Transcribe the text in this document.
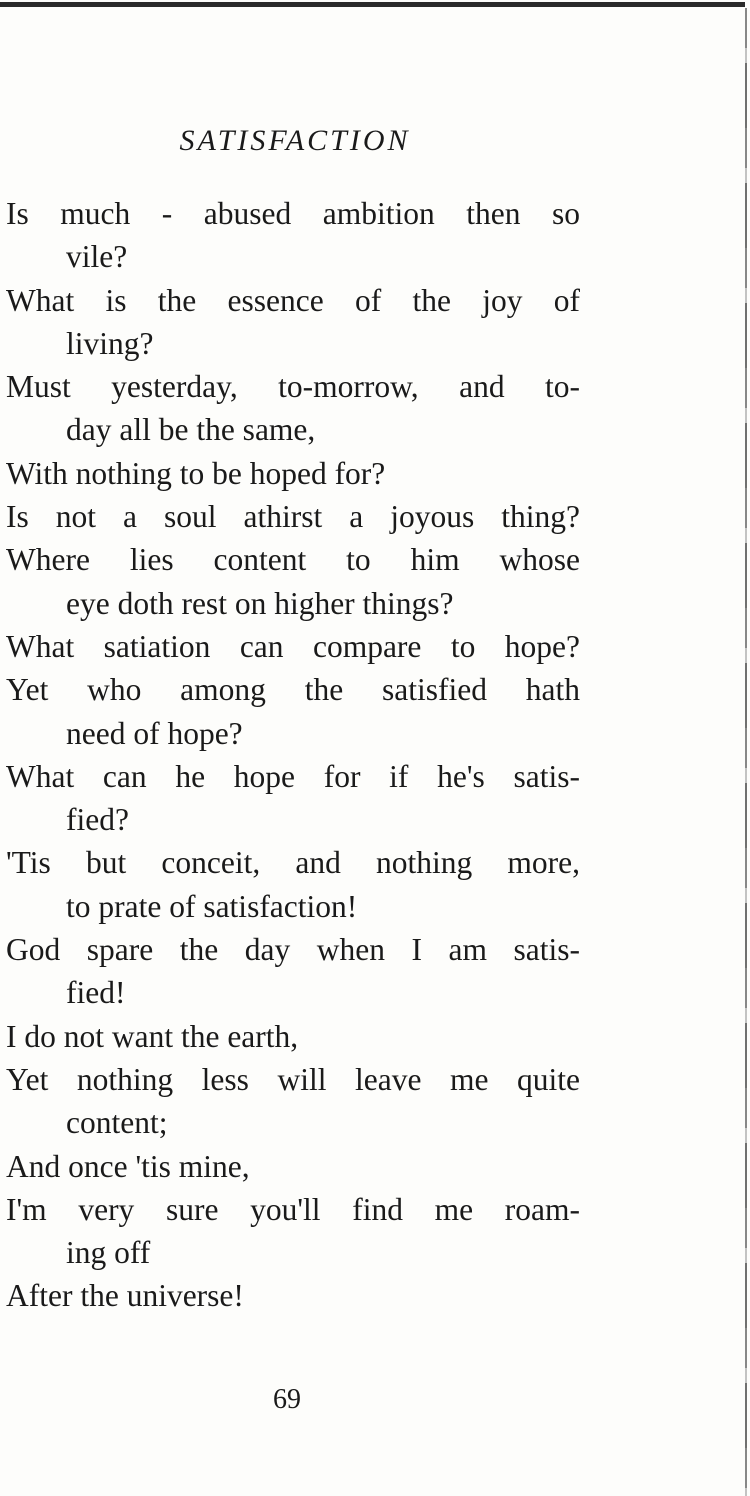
SATISFACTION
Is much - abused ambition then so
vile?
What is the essence of the joy of
living?
Must yesterday, to-morrow, and to-
day all be the same,
With nothing to be hoped for?
Is not a soul athirst a joyous thing?
Where lies content to him whose
eye doth rest on higher things?
What satiation can compare to hope?
Yet who among the satisfied hath
need of hope?
What can he hope for if he's satis-
fied?
'Tis but conceit, and nothing more,
to prate of satisfaction!
God spare the day when I am satis-
fied!
I do not want the earth,
Yet nothing less will leave me quite
content;
And once 'tis mine,
I'm very sure you'll find me roam-
ing off
After the universe!
69
